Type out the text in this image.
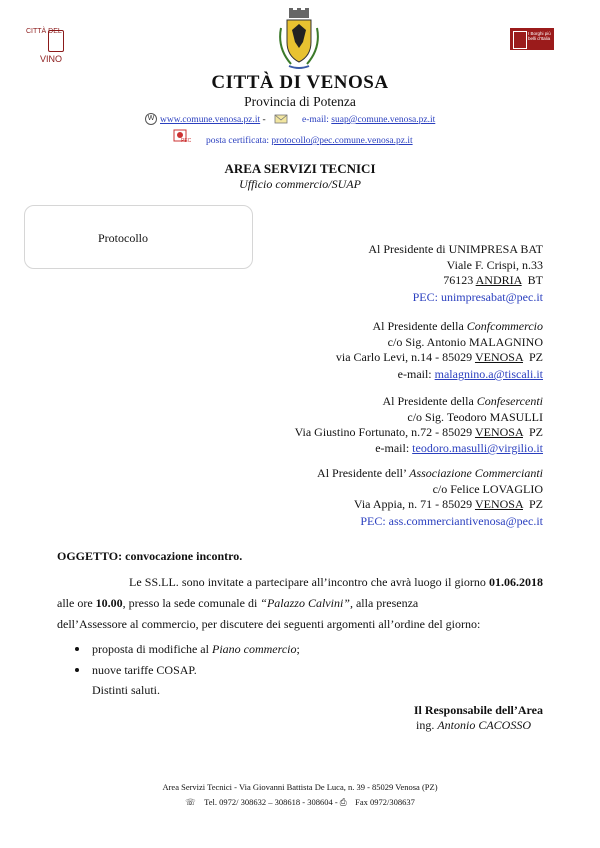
CITTÀ DEL
VINO
I Borghi più belli d'Italia
CITTÀ DI VENOSA
Provincia di Potenza
W www.comune.venosa.pz.it -	e-mail: suap@comune.venosa.pz.it
PEC posta certificata: protocollo@pec.comune.venosa.pz.it
AREA SERVIZI TECNICI
Ufficio commercio/SUAP
Protocollo
Al Presidente di UNIMPRESA BAT
Viale F. Crispi, n.33
76123 ANDRIA  BT
PEC: unimpresabat@pec.it
Al Presidente della Confcommercio
c/o Sig. Antonio MALAGNINO
via Carlo Levi, n.14 - 85029 VENOSA  PZ
e-mail: malagnino.a@tiscali.it
Al Presidente della Confesercenti
c/o Sig. Teodoro MASULLI
Via Giustino Fortunato, n.72 - 85029 VENOSA  PZ
e-mail: teodoro.masulli@virgilio.it
Al Presidente dell’ Associazione Commercianti
c/o Felice LOVAGLIO
Via Appia, n. 71 - 85029 VENOSA  PZ
PEC: ass.commerciantivenosa@pec.it
OGGETTO: convocazione incontro.
Le SS.LL. sono invitate a partecipare all’incontro che avrà luogo il giorno 01.06.2018 alle ore 10.00, presso la sede comunale di “Palazzo Calvini”, alla presenza
dell’Assessore al commercio, per discutere dei seguenti argomenti all’ordine del giorno:
proposta di modifiche al Piano commercio;
nuove tariffe COSAP.
Distinti saluti.
Il Responsabile dell’Area
ing. Antonio CACOSSO
Area Servizi Tecnici - Via Giovanni Battista De Luca, n. 39 - 85029 Venosa (PZ)
☏ Tel. 0972/ 308632 – 308618 - 308604 - ⎙ Fax 0972/308637
